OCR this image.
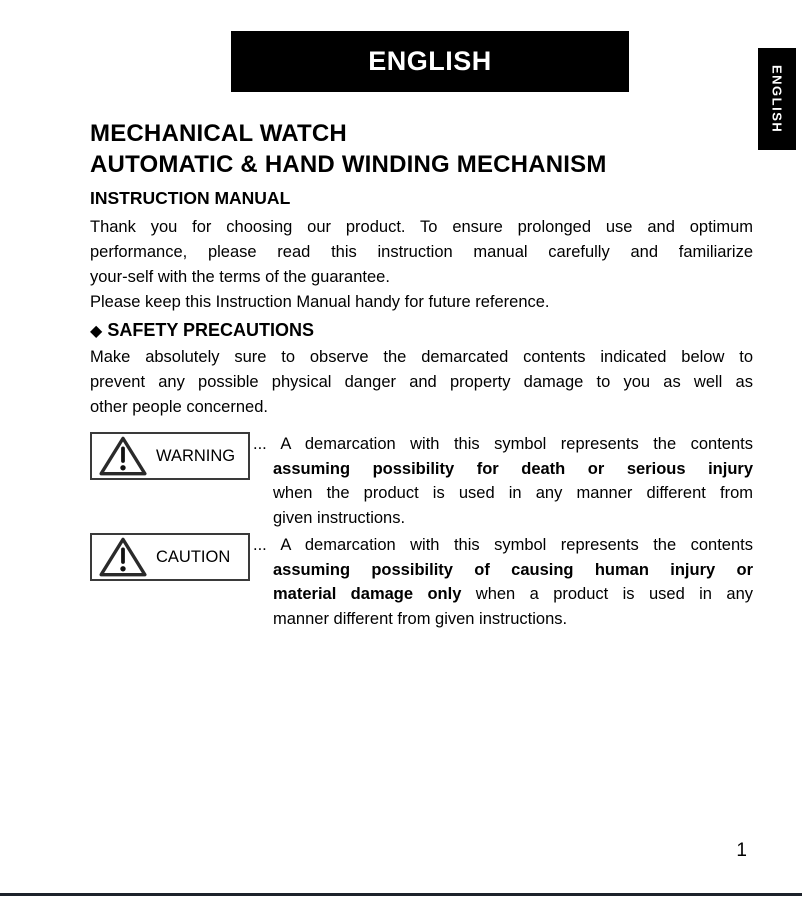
ENGLISH
ENGLISH
MECHANICAL WATCH
AUTOMATIC & HAND WINDING MECHANISM
INSTRUCTION MANUAL
Thank you for choosing our product. To ensure prolonged use and optimum
performance, please read this instruction manual carefully and familiarize
your-self with the terms of the guarantee.
Please keep this Instruction Manual handy for future reference.
◆ SAFETY PRECAUTIONS
Make absolutely sure to observe the demarcated contents indicated below to
prevent any possible physical danger and property damage to you as well as
other people concerned.
WARNING
... A demarcation with this symbol represents the contents
assuming possibility for death or serious injury
when the product is used in any manner different from
given instructions.
CAUTION
... A demarcation with this symbol represents the contents
assuming possibility of causing human injury or
material damage only when a product is used in any
manner different from given instructions.
1
